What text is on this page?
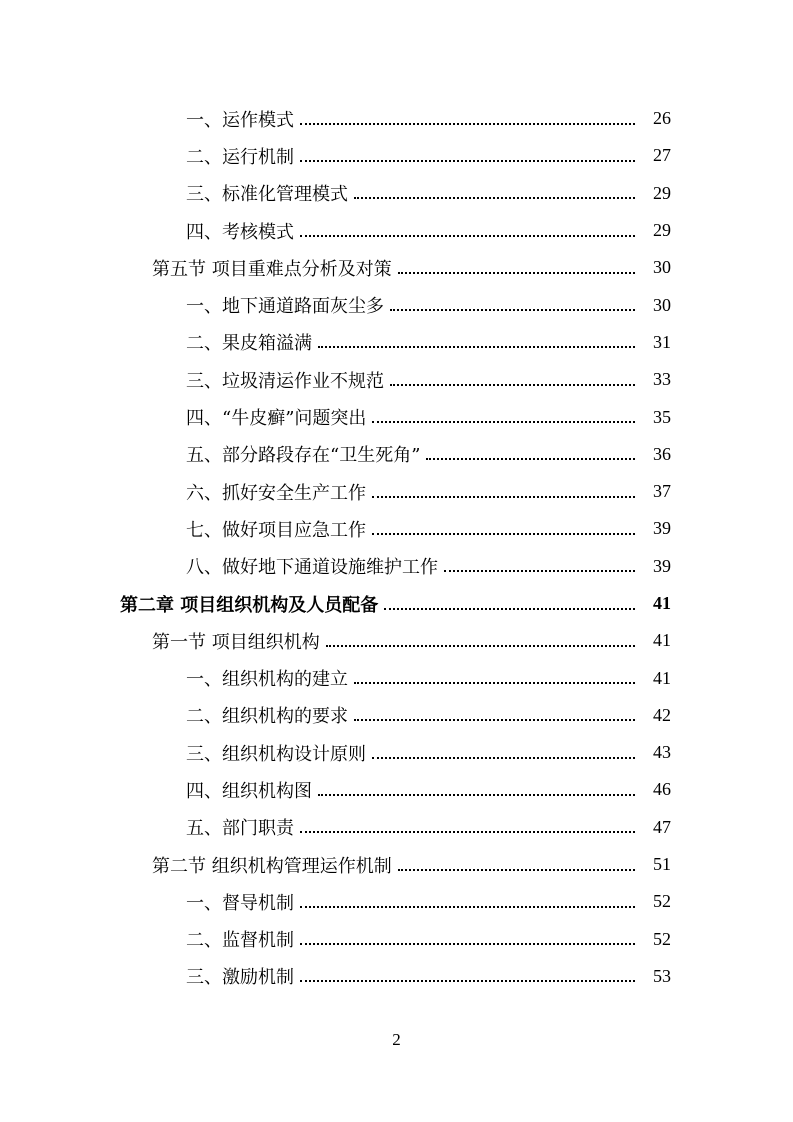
一、运作模式	26
二、运行机制	27
三、标准化管理模式	29
四、考核模式	29
第五节 项目重难点分析及对策	30
一、地下通道路面灰尘多	30
二、果皮箱溢满	31
三、垃圾清运作业不规范	33
四、“牛皮癣”问题突出	35
五、部分路段存在“卫生死角”	36
六、抓好安全生产工作	37
七、做好项目应急工作	39
八、做好地下通道设施维护工作	39
第二章 项目组织机构及人员配备	41
第一节 项目组织机构	41
一、组织机构的建立	41
二、组织机构的要求	42
三、组织机构设计原则	43
四、组织机构图	46
五、部门职责	47
第二节 组织机构管理运作机制	51
一、督导机制	52
二、监督机制	52
三、激励机制	53
2
